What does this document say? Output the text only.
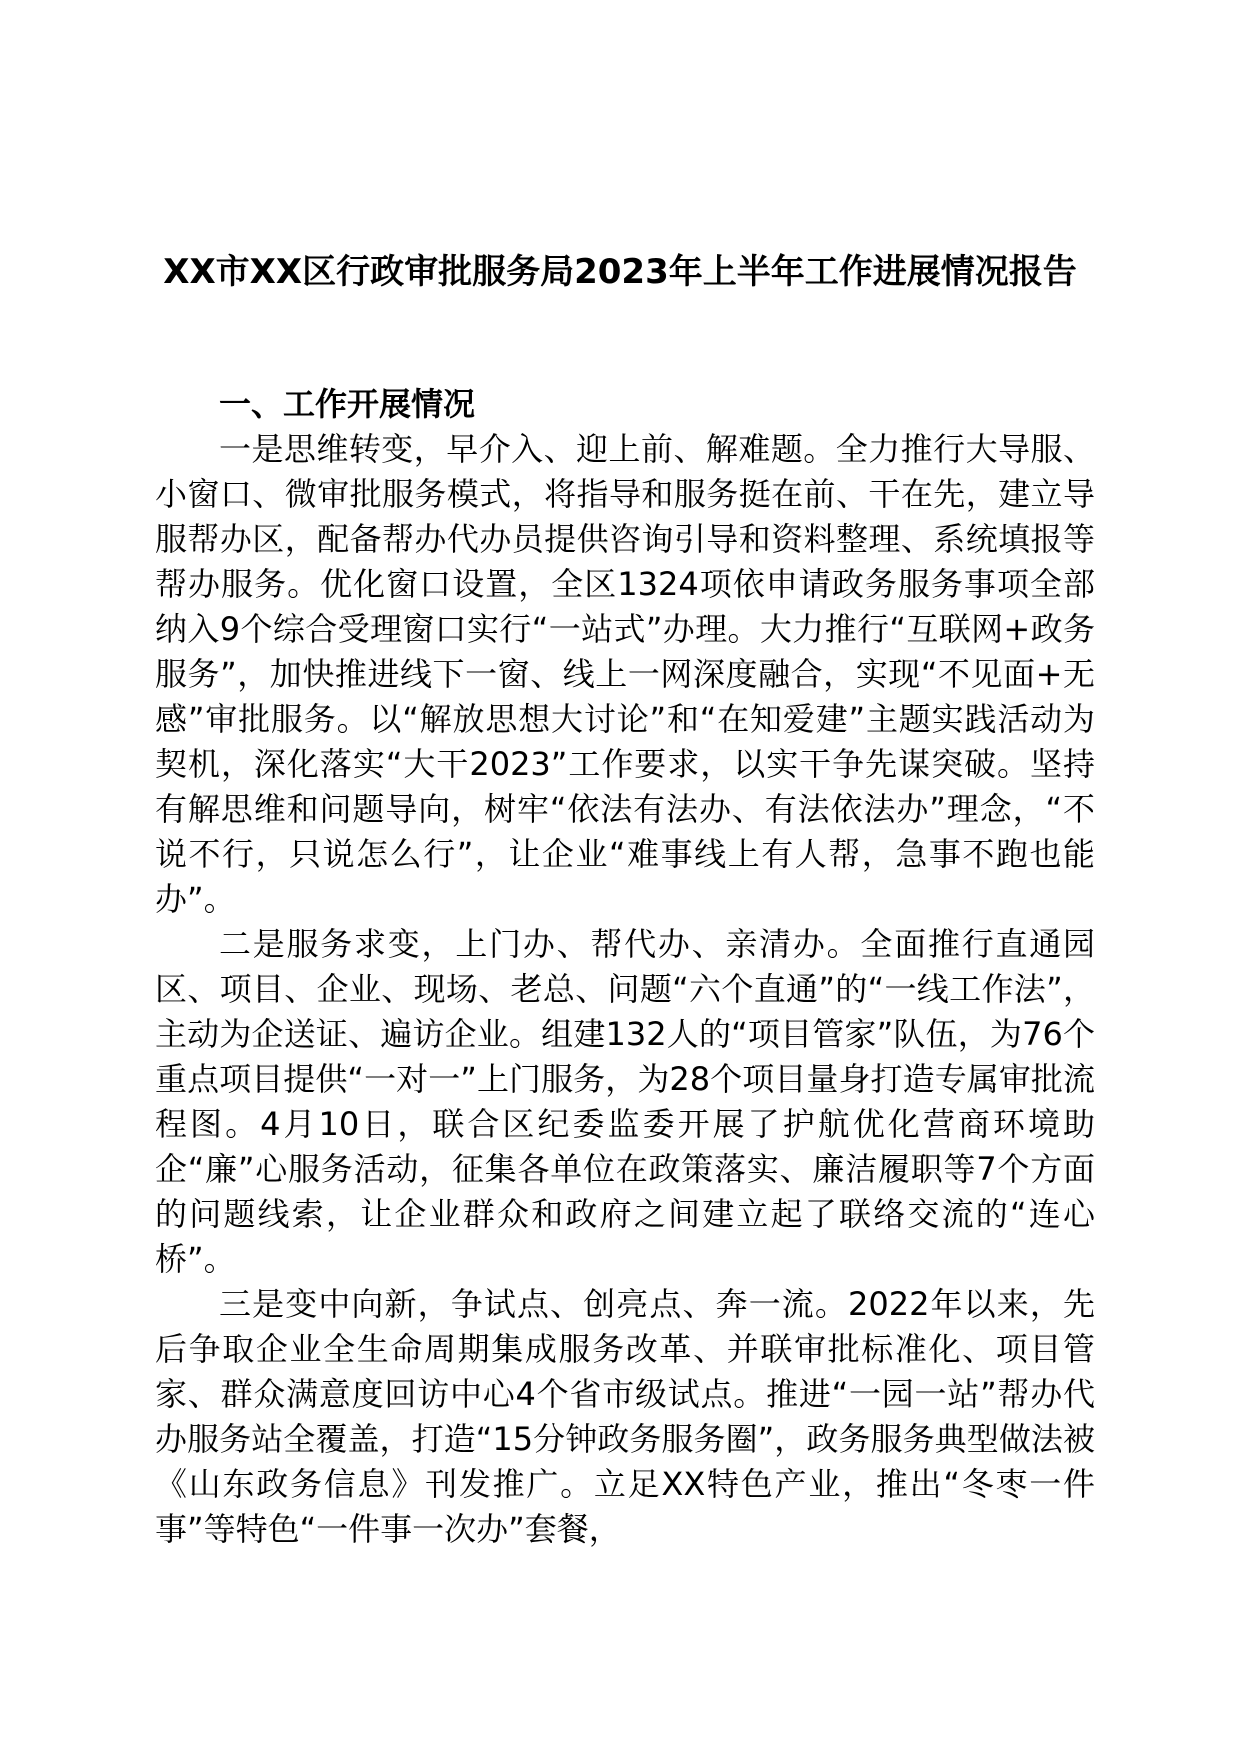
XX市XX区行政审批服务局2023年上半年工作进展情况报告

一、工作开展情况

一是思维转变，早介入、迎上前、解难题。全力推行大导服、小窗口、微审批服务模式，将指导和服务挺在前、干在先，建立导服帮办区，配备帮办代办员提供咨询引导和资料整理、系统填报等帮办服务。优化窗口设置，全区1324项依申请政务服务事项全部纳入9个综合受理窗口实行“一站式”办理。大力推行“互联网+政务服务”，加快推进线下一窗、线上一网深度融合，实现“不见面+无感”审批服务。以“解放思想大讨论”和“在知爱建”主题实践活动为契机，深化落实“大干2023”工作要求，以实干争先谋突破。坚持有解思维和问题导向，树牢“依法有法办、有法依法办”理念，“不说不行，只说怎么行”，让企业“难事线上有人帮，急事不跑也能办”。

二是服务求变，上门办、帮代办、亲清办。全面推行直通园区、项目、企业、现场、老总、问题“六个直通”的“一线工作法”，主动为企送证、遍访企业。组建132人的“项目管家”队伍，为76个重点项目提供“一对一”上门服务，为28个项目量身打造专属审批流程图。4月10日，联合区纪委监委开展了护航优化营商环境助企“廉”心服务活动，征集各单位在政策落实、廉洁履职等7个方面的问题线索，让企业群众和政府之间建立起了联络交流的“连心桥”。

三是变中向新，争试点、创亮点、奔一流。2022年以来，先后争取企业全生命周期集成服务改革、并联审批标准化、项目管家、群众满意度回访中心4个省市级试点。推进“一园一站”帮办代办服务站全覆盖，打造“15分钟政务服务圈”，政务服务典型做法被《山东政务信息》刊发推广。立足XX特色产业，推出“冬枣一件事”等特色“一件事一次办”套餐，
